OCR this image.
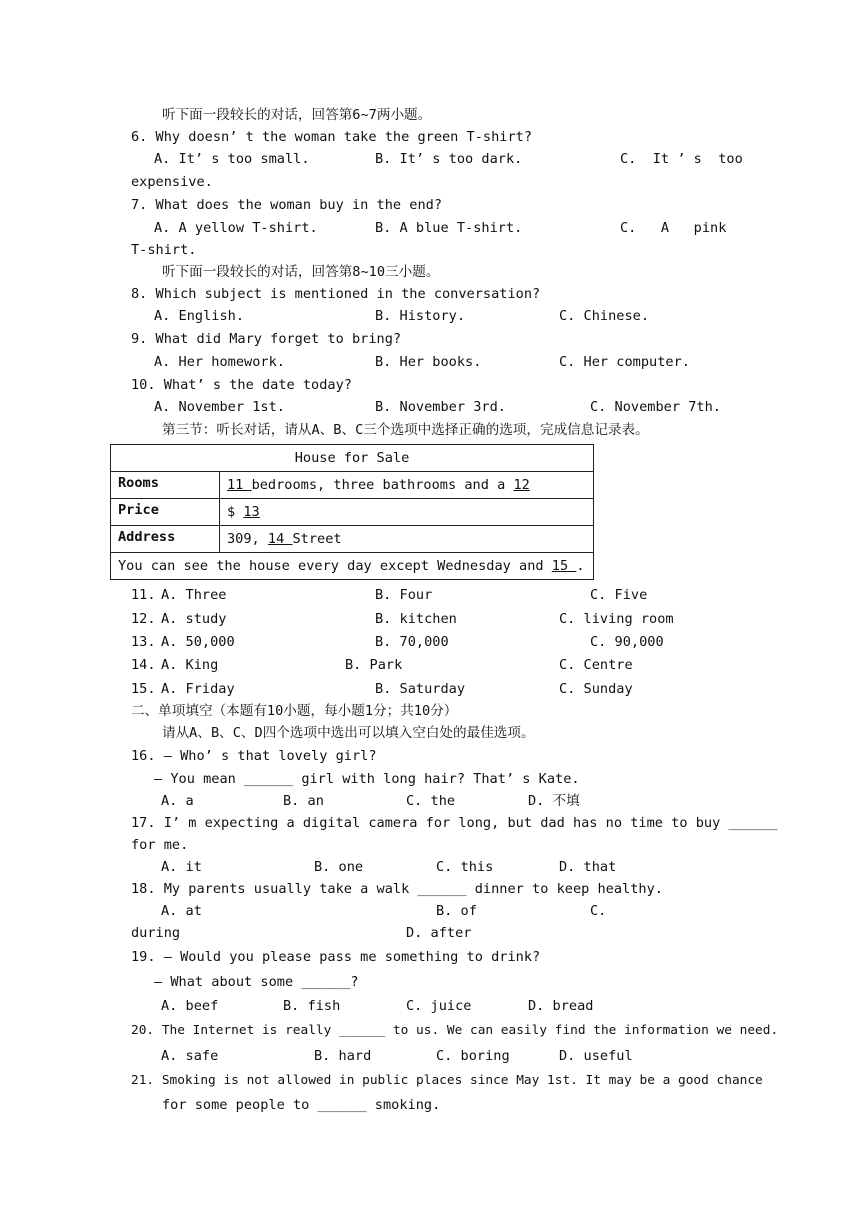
听下面一段较长的对话，回答第6~7两小题。
6. Why doesn’ t the woman take the green T-shirt?
A. It’ s too small.	B. It’ s too dark.	C.  It ’ s  too
expensive.
7. What does the woman buy in the end?
A. A yellow T-shirt.	B. A blue T-shirt.	C.   A   pink
T-shirt.
听下面一段较长的对话，回答第8~10三小题。
8. Which subject is mentioned in the conversation?
A. English.	B. History.	C. Chinese.
9. What did Mary forget to bring?
A. Her homework.	B. Her books.	C. Her computer.
10. What’ s the date today?
A. November 1st.	B. November 3rd.	C. November 7th.
第三节：听长对话，请从A、B、C三个选项中选择正确的选项，完成信息记录表。
House for Sale	
Rooms	11 bedrooms, three bathrooms and a 12
Price	$ 13
Address	309, 14 Street
You can see the house every day except Wednesday and 15 .	
11. A. Three	B. Four	C. Five
12. A. study	B. kitchen	C. living room
13. A. 50,000	B. 70,000	C. 90,000
14. A. King	B. Park	C. Centre
15. A. Friday	B. Saturday	C. Sunday
二、单项填空（本题有10小题，每小题1分；共10分）
请从A、B、C、D四个选项中选出可以填入空白处的最佳选项。
16. — Who’ s that lovely girl?
— You mean ______ girl with long hair? That’ s Kate.
A. a	B. an	C. the	D. 不填
17. I’ m expecting a digital camera for long, but dad has no time to buy ______
for me.
A. it	B. one	C. this	D. that
18. My parents usually take a walk ______ dinner to keep healthy.
A. at	B. of	C.
during	D. after
19. — Would you please pass me something to drink?
— What about some ______?
A. beef	B. fish	C. juice	D. bread
20. The Internet is really ______ to us. We can easily find the information we need.
A. safe	B. hard	C. boring	D. useful
21. Smoking is not allowed in public places since May 1st. It may be a good chance
for some people to ______ smoking.
